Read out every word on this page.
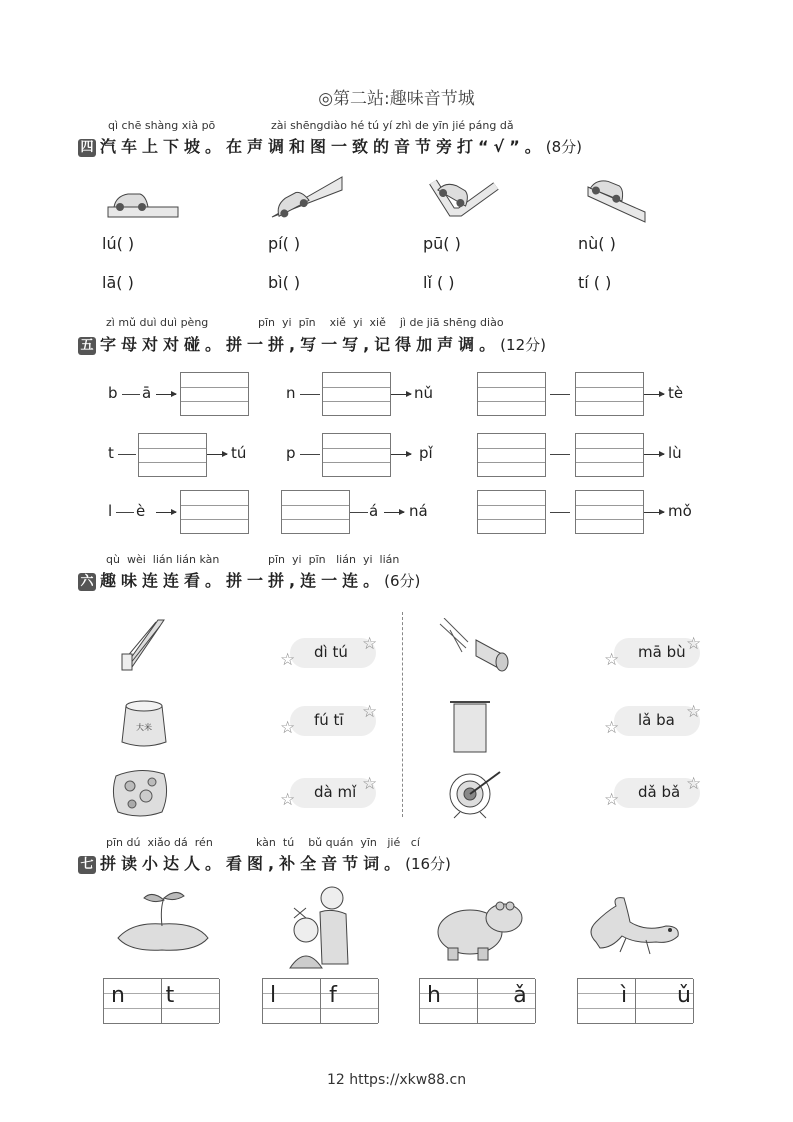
◎第二站:趣味音节城
qì chē shàng xià pō	zài shēngdiào hé tú yí zhì de yīn jié páng dǎ
四 汽车上下坡。在声调和图一致的音节旁打“√”。(8分)
lú( )	pí( )	pū( )	nù( )
lā( )	bì( )	lǐ ( )	tí ( )
zì mǔ duì duì pèng	pīn yi pīn xiě yi xiě jì de jiā shēng diào
五 字母对对碰。拼一拼,写一写,记得加声调。(12分)
b ā	n	nǔ	tè
t	tú	p	pǐ	lù
l è	á ná	mǒ
qù wèi lián lián kàn	pīn yi pīn lián yi lián
六 趣味连连看。拼一拼,连一连。(6分)
大米
dì tú
☆
☆
fú tī
☆
☆
dà mǐ
☆
☆
mā bù
☆
☆
lǎ ba
☆
☆
dǎ bǎ
☆
☆
pīn dú xiǎo dá rén	kàn tú bǔ quán yīn jié cí
七 拼读小达人。看图,补全音节词。(16分)
n	t	l	f	h	ǎ	ì	ǔ
12 https://xkw88.cn
